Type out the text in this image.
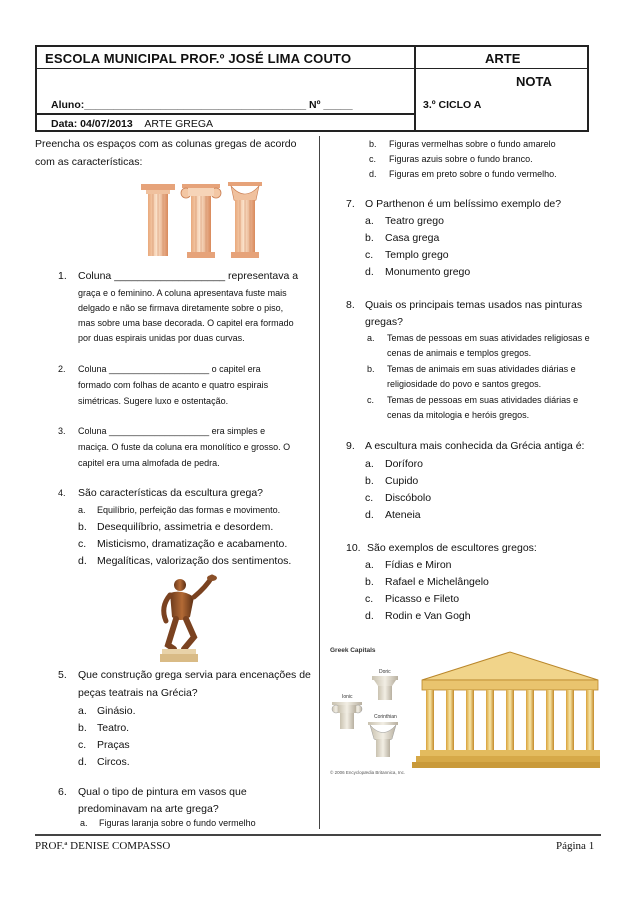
ESCOLA MUNICIPAL PROF.º JOSÉ LIMA COUTO	ARTE
NOTA
Aluno:______________________________________ Nº _____	3.º CICLO A
Data: 04/07/2013 ARTE GREGA
Preencha os espaços com as colunas gregas de acordo
com as características:
1. Coluna ___________________ representava a
graça e o feminino. A coluna apresentava fuste mais
delgado e não se firmava diretamente sobre o piso,
mas sobre uma base decorada. O capitel era formado
por duas espirais unidas por duas curvas.
2. Coluna ____________________ o capitel era
formado com folhas de acanto e quatro espirais
simétricas. Sugere luxo e ostentação.
3. Coluna ____________________ era simples e
maciça. O fuste da coluna era monolítico e grosso. O
capitel era uma almofada de pedra.
4. São características da escultura grega?
a. Equilíbrio, perfeição das formas e movimento.
b. Desequilíbrio, assimetria e desordem.
c. Misticismo, dramatização e acabamento.
d. Megalíticas, valorização dos sentimentos.
5. Que construção grega servia para encenações de
peças teatrais na Grécia?
a. Ginásio.
b. Teatro.
c. Praças
d. Circos.
6. Qual o tipo de pintura em vasos que
predominavam na arte grega?
a. Figuras laranja sobre o fundo vermelho
b. Figuras vermelhas sobre o fundo amarelo
c. Figuras azuis sobre o fundo branco.
d. Figuras em preto sobre o fundo vermelho.
7. O Parthenon é um belíssimo exemplo de?
a. Teatro grego
b. Casa grega
c. Templo grego
d. Monumento grego
8. Quais os principais temas usados nas pinturas
gregas?
a. Temas de pessoas em suas atividades religiosas e
cenas de animais e templos gregos.
b. Temas de animais em suas atividades diárias e
religiosidade do povo e santos gregos.
c. Temas de pessoas em suas atividades diárias e
cenas da mitologia e heróis gregos.
9. A escultura mais conhecida da Grécia antiga é:
a. Doríforo
b. Cupido
c. Discóbolo
d. Ateneia
10. São exemplos de escultores gregos:
a. Fídias e Miron
b. Rafael e Michelângelo
c. Picasso e Fileto
d. Rodin e Van Gogh
Greek Capitals
Doric
Ionic
Corinthian
© 2006 Encyclopædia Britannica, Inc.
PROF.ª DENISE COMPASSO	Página 1
